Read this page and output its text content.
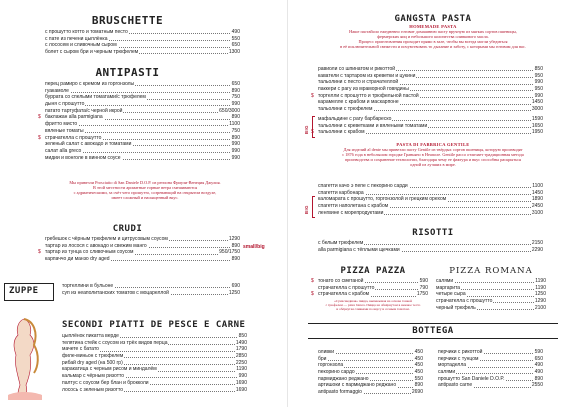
BRUSCHETTE
с прошутто котто и томатным песто	490
с пате из печени цыплёнка	550
с лососем и сливочным сыром	650
болет с сыром бри и черным трюфелем	1300
ANTIPASTI
перец рамиро с кремом из горгонзолы	650
гуакамоле	890
буррата со спелыми томатами/с трюфелем	750
дыня с прошутто	990
патато тартуфата/с черной икрой	650/3000
$ баклажан alla parmigiana	890
фритто мисто	1100
вяленые томаты	750
$ страчателла с прошутто	890
зеленый салат с авокадо и томатами	990
салат alla greco	990
мидии и вонголе в винном соусе	990
Мы привезли Prosciutto di San Daniele D.O.P. из региона Фриули-Венеция Джулия.
В этой местности ароматные горные ветра смешиваются
с адриатическими, за счёт чего прошутто, созревающий на открытом воздухе,
имеет сложный и насыщенный вкус.
CRUDI
гребешок с чёрным трюфелем и цитрусовым соусом	1290
тартар из лосося с авокадо и свежим манго	890
$ тартар из тунца со сливочным соусом	950/1750
карпаччо ди манзо dry aged	890
small/big
ZUPPE	тортеллини в бульоне	690
суп из неаполитанских томатов с моцареллой	1250
SECONDI PIATTI DE PESCE E CARNE
цыплёнок пикатта верде	850
телятина стейк с соусом из трёх видов перца	1490
мачете с батато	1790
филе-миньон с трюфелем	2850
рибай dry aged (на 500 гр)	2250
каракатица с черным рисом и миндалём	1190
кальмар с чёрным ризотто	990
палтус с соусом бер блан и брокколи	1690
лосось с зеленым ризотто	1690
GANGSTA PASTA
HOMEMADE PASTA
Наше пастайоло ежедневно готовит домашнюю пасту вручную из мягких сортов пшеницы,
фермерских яиц и небольшого количества оливкового масла.
Процесс приготовления проходит прямо в зале, чтобы вы всегда могли убедиться
в её исключительной свежести и почувствовать то дыхание и заботу, с которыми мы готовим для вас.
равиоли со шпинатом и рикоттой	850
каватели с тартаром из креветки и цукини	950
тальолини с песто и страчателлой	990
паккери с рагу из мраморной говядины	950
$ тортелли с прошутто и трюфельной пастой	990
карамелле с крабом и маскарпоне	1450
тальолини с трюфелем	3000
мафальдине с рагу барбареско	1590
тальолини с креветками и вялеными томатами	1650
$ тальолини с крабом	1950
BIG
PASTA DI FABBRICA GENTILE
Для изделий al dente мы привезли пасту Gentile из твёрдых сортов пшеницы, которую производят
с 1876 года в небольшом городке Граньяно в Неаполе. Gentile рассо отличает традиционная метода
производства и сохранение технологии, благодаря чему ее фактура и вкус способны раскрыться
одной из лучших в мире.
спагетти качо э пепе с пекорино сарди	1100
спагетти карбонара	1450
каломарата с прошутто, горгонзолой и грецким орехом	1890
спагетти наполетана с крабом	2450
ленгвине с морепродуктами	3100
BIG
RISOTTI
с белым трюфелем	2150
alla parmigiana с тёплыми щечками	2290
PIZZA PAZZA
$ тонато со сметаной	590
страчателла с прошутто	790
$ страчателла с крабом	1750
«Сумасшедшая» пицца, выпекаемая на основе тонкой
с трюфелем — pizza bianca. Пицца на обвёрнутом в нежное тесто
и обёрнутая сливками по вкусу и сочным томатом.
PIZZA ROMANA
салями	1190
маргарита	1190
четыре сыра	1250
страчателла с прошутто	1290
черный трюфель	2100
BOTTEGA
оливки	450
бри	450
горгонзола	450
пекорино сардо	450
пармиджано реджано	550
артишоки с пармиджано реджано	890
antipasto formaggio	2690
перчики с рикоттой	590
перчики с тунцом	650
мортаделла	490
салями	490
прошутто San Daniele D.O.P.	890
antipasto carne	2550
